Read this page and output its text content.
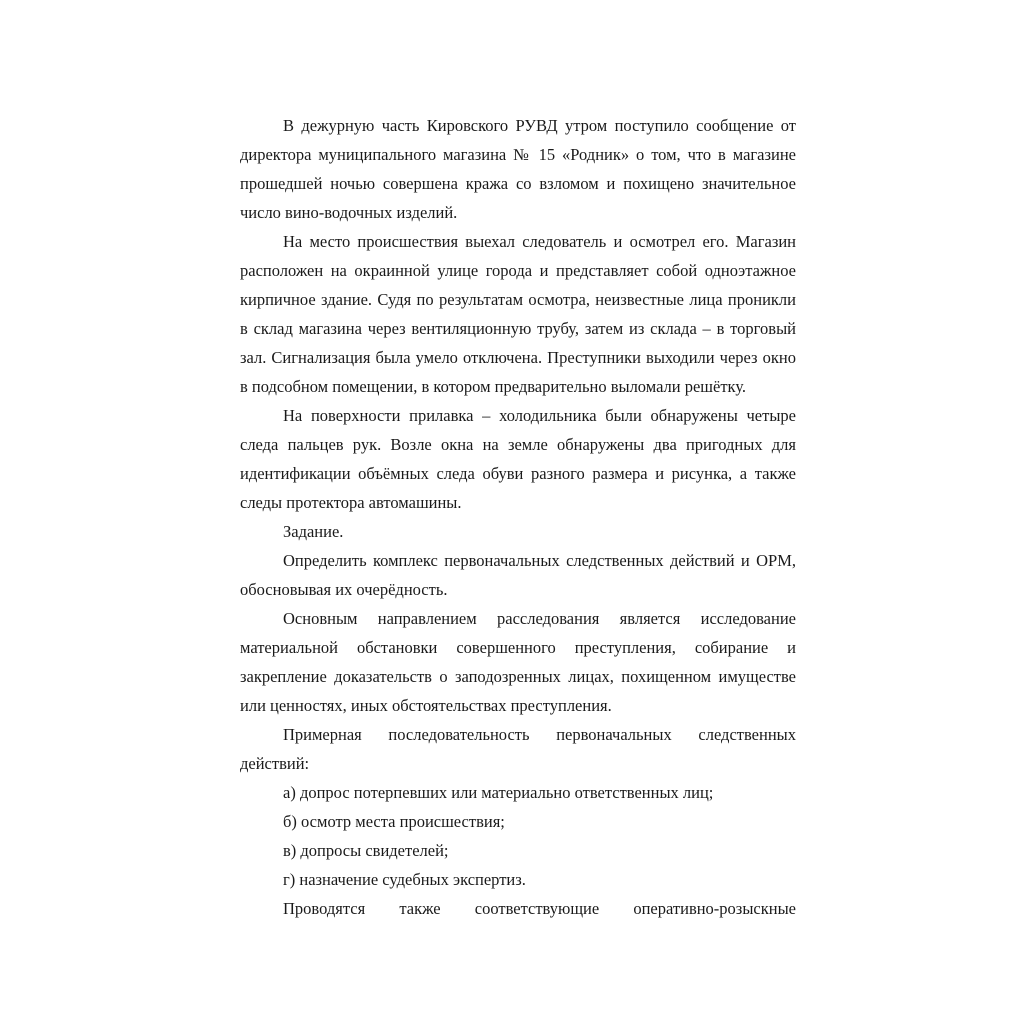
В дежурную часть Кировского РУВД утром поступило сообщение от директора муниципального магазина № 15 «Родник» о том, что в магазине прошедшей ночью совершена кража со взломом и похищено значительное число вино-водочных изделий.

На место происшествия выехал следователь и осмотрел его. Магазин расположен на окраинной улице города и представляет собой одноэтажное кирпичное здание. Судя по результатам осмотра, неизвестные лица проникли в склад магазина через вентиляционную трубу, затем из склада – в торговый зал. Сигнализация была умело отключена. Преступники выходили через окно в подсобном помещении, в котором предварительно выломали решётку.

На поверхности прилавка – холодильника были обнаружены четыре следа пальцев рук. Возле окна на земле обнаружены два пригодных для идентификации объёмных следа обуви разного размера и рисунка, а также следы протектора автомашины.

Задание.

Определить комплекс первоначальных следственных действий и ОРМ, обосновывая их очерёдность.

Основным направлением расследования является исследование материальной обстановки совершенного преступления, собирание и закрепление доказательств о заподозренных лицах, похищенном имуществе или ценностях, иных обстоятельствах преступления.

Примерная последовательность первоначальных следственных действий:

а) допрос потерпевших или материально ответственных лиц;

б) осмотр места происшествия;

в) допросы свидетелей;

г) назначение судебных экспертиз.

Проводятся также соответствующие оперативно-розыскные
